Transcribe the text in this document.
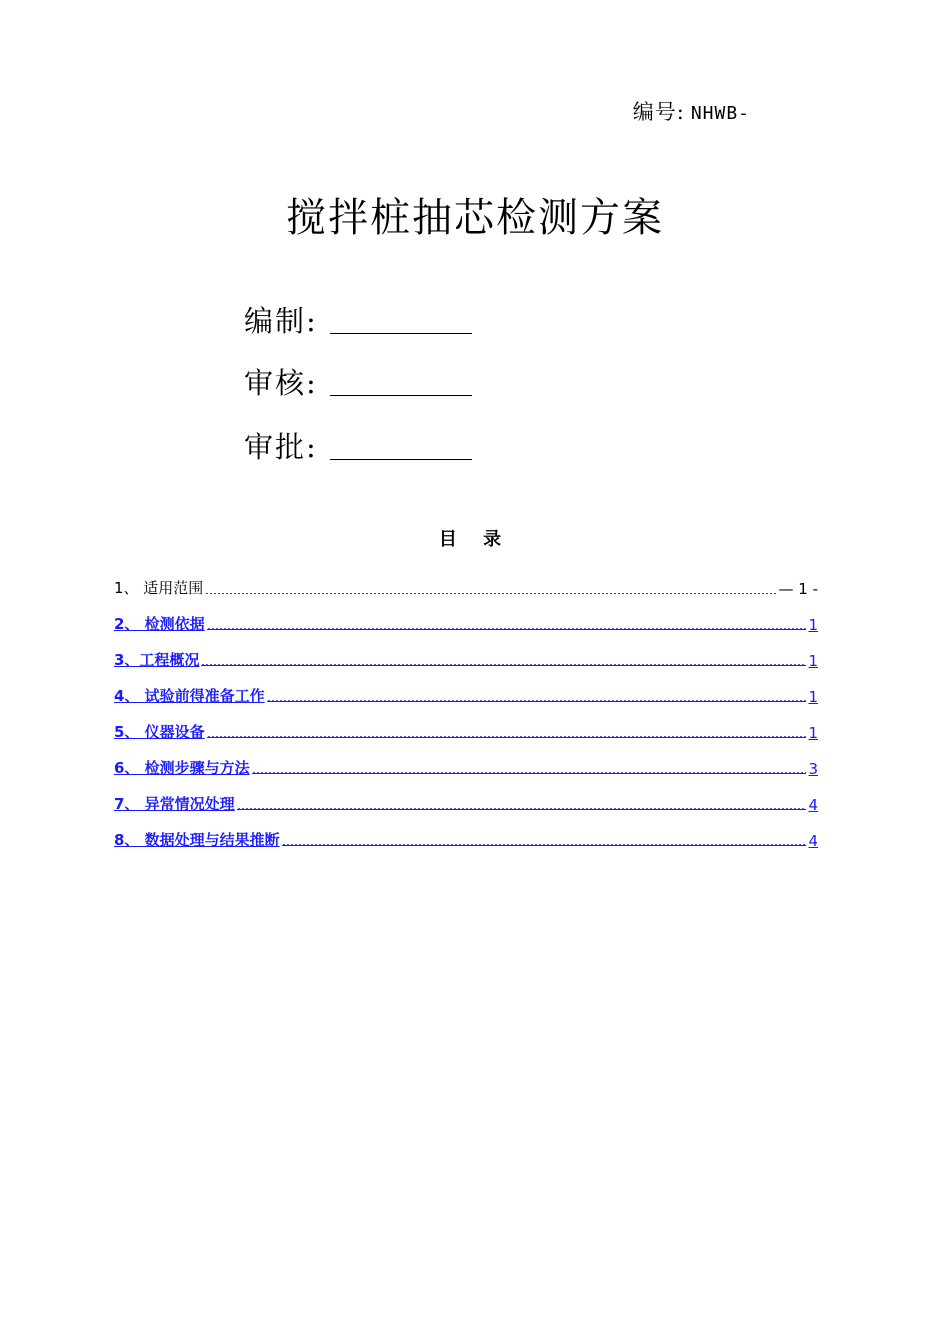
编号: NHWB-
搅拌桩抽芯检测方案
编制:
审核:
审批:
目 录
1、 适用范围	— 1 -
2、 检测依据	1
3、工程概况	1
4、 试验前得准备工作	1
5、 仪器设备	1
6、 检测步骤与方法	3
7、 异常情况处理	4
8、 数据处理与结果推断	4
